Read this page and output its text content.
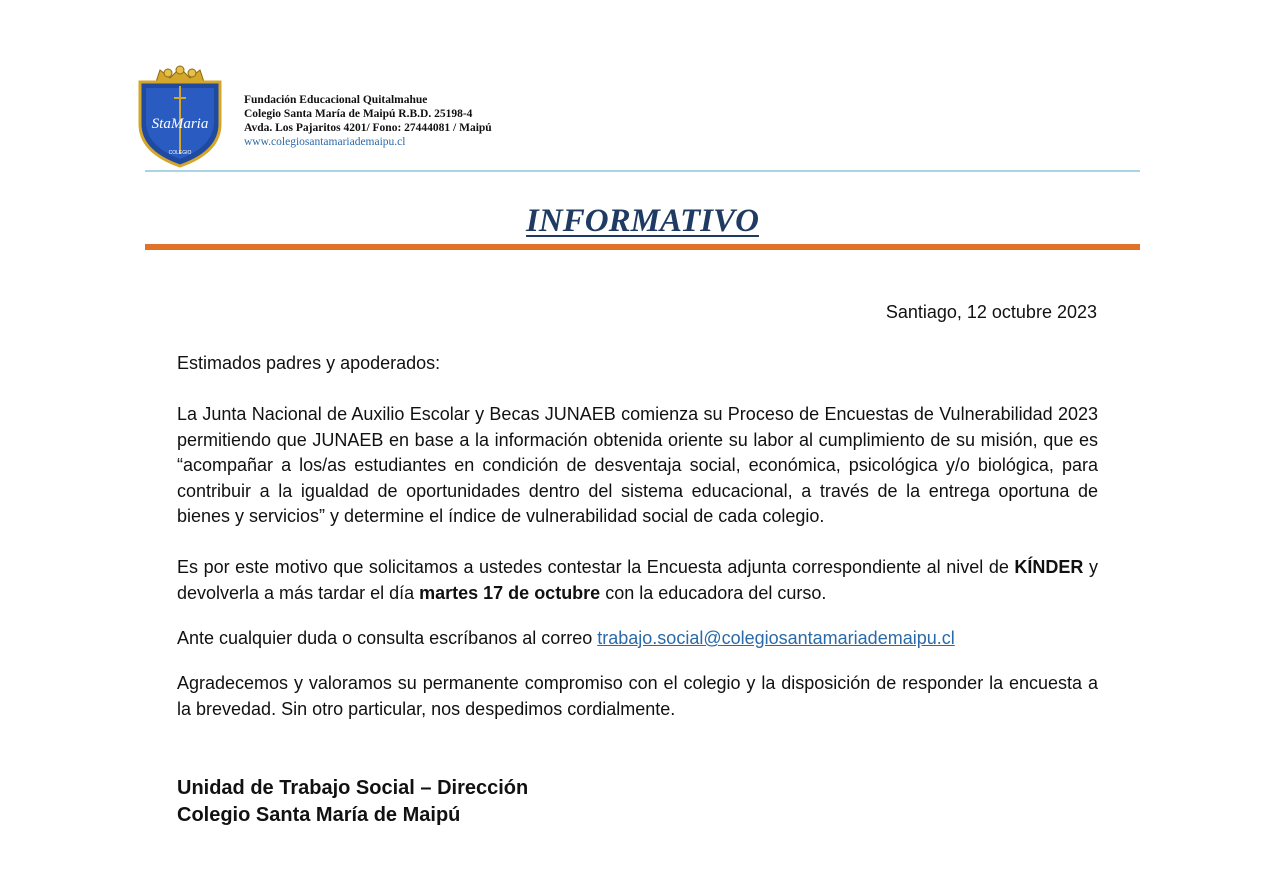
StaMaria
COLEGIO
Fundación Educacional Quitalmahue
Colegio Santa María de Maipú R.B.D. 25198-4
Avda. Los Pajaritos 4201/ Fono: 27444081 / Maipú
www.colegiosantamariademaipu.cl
INFORMATIVO
Santiago, 12 octubre 2023
Estimados padres y apoderados:
La Junta Nacional de Auxilio Escolar y Becas JUNAEB comienza su Proceso de Encuestas de Vulnerabilidad 2023 permitiendo que JUNAEB en base a la información obtenida oriente su labor al cumplimiento de su misión, que es “acompañar a los/as estudiantes en condición de desventaja social, económica, psicológica y/o biológica, para contribuir a la igualdad de oportunidades dentro del sistema educacional, a través de la entrega oportuna de bienes y servicios” y determine el índice de vulnerabilidad social de cada colegio.
Es por este motivo que solicitamos a ustedes contestar la Encuesta adjunta correspondiente al nivel de KÍNDER y devolverla a más tardar el día martes 17 de octubre con la educadora del curso.
Ante cualquier duda o consulta escríbanos al correo trabajo.social@colegiosantamariademaipu.cl
Agradecemos y valoramos su permanente compromiso con el colegio y la disposición de responder la encuesta a la brevedad. Sin otro particular, nos despedimos cordialmente.
Unidad de Trabajo Social – Dirección
Colegio Santa María de Maipú
